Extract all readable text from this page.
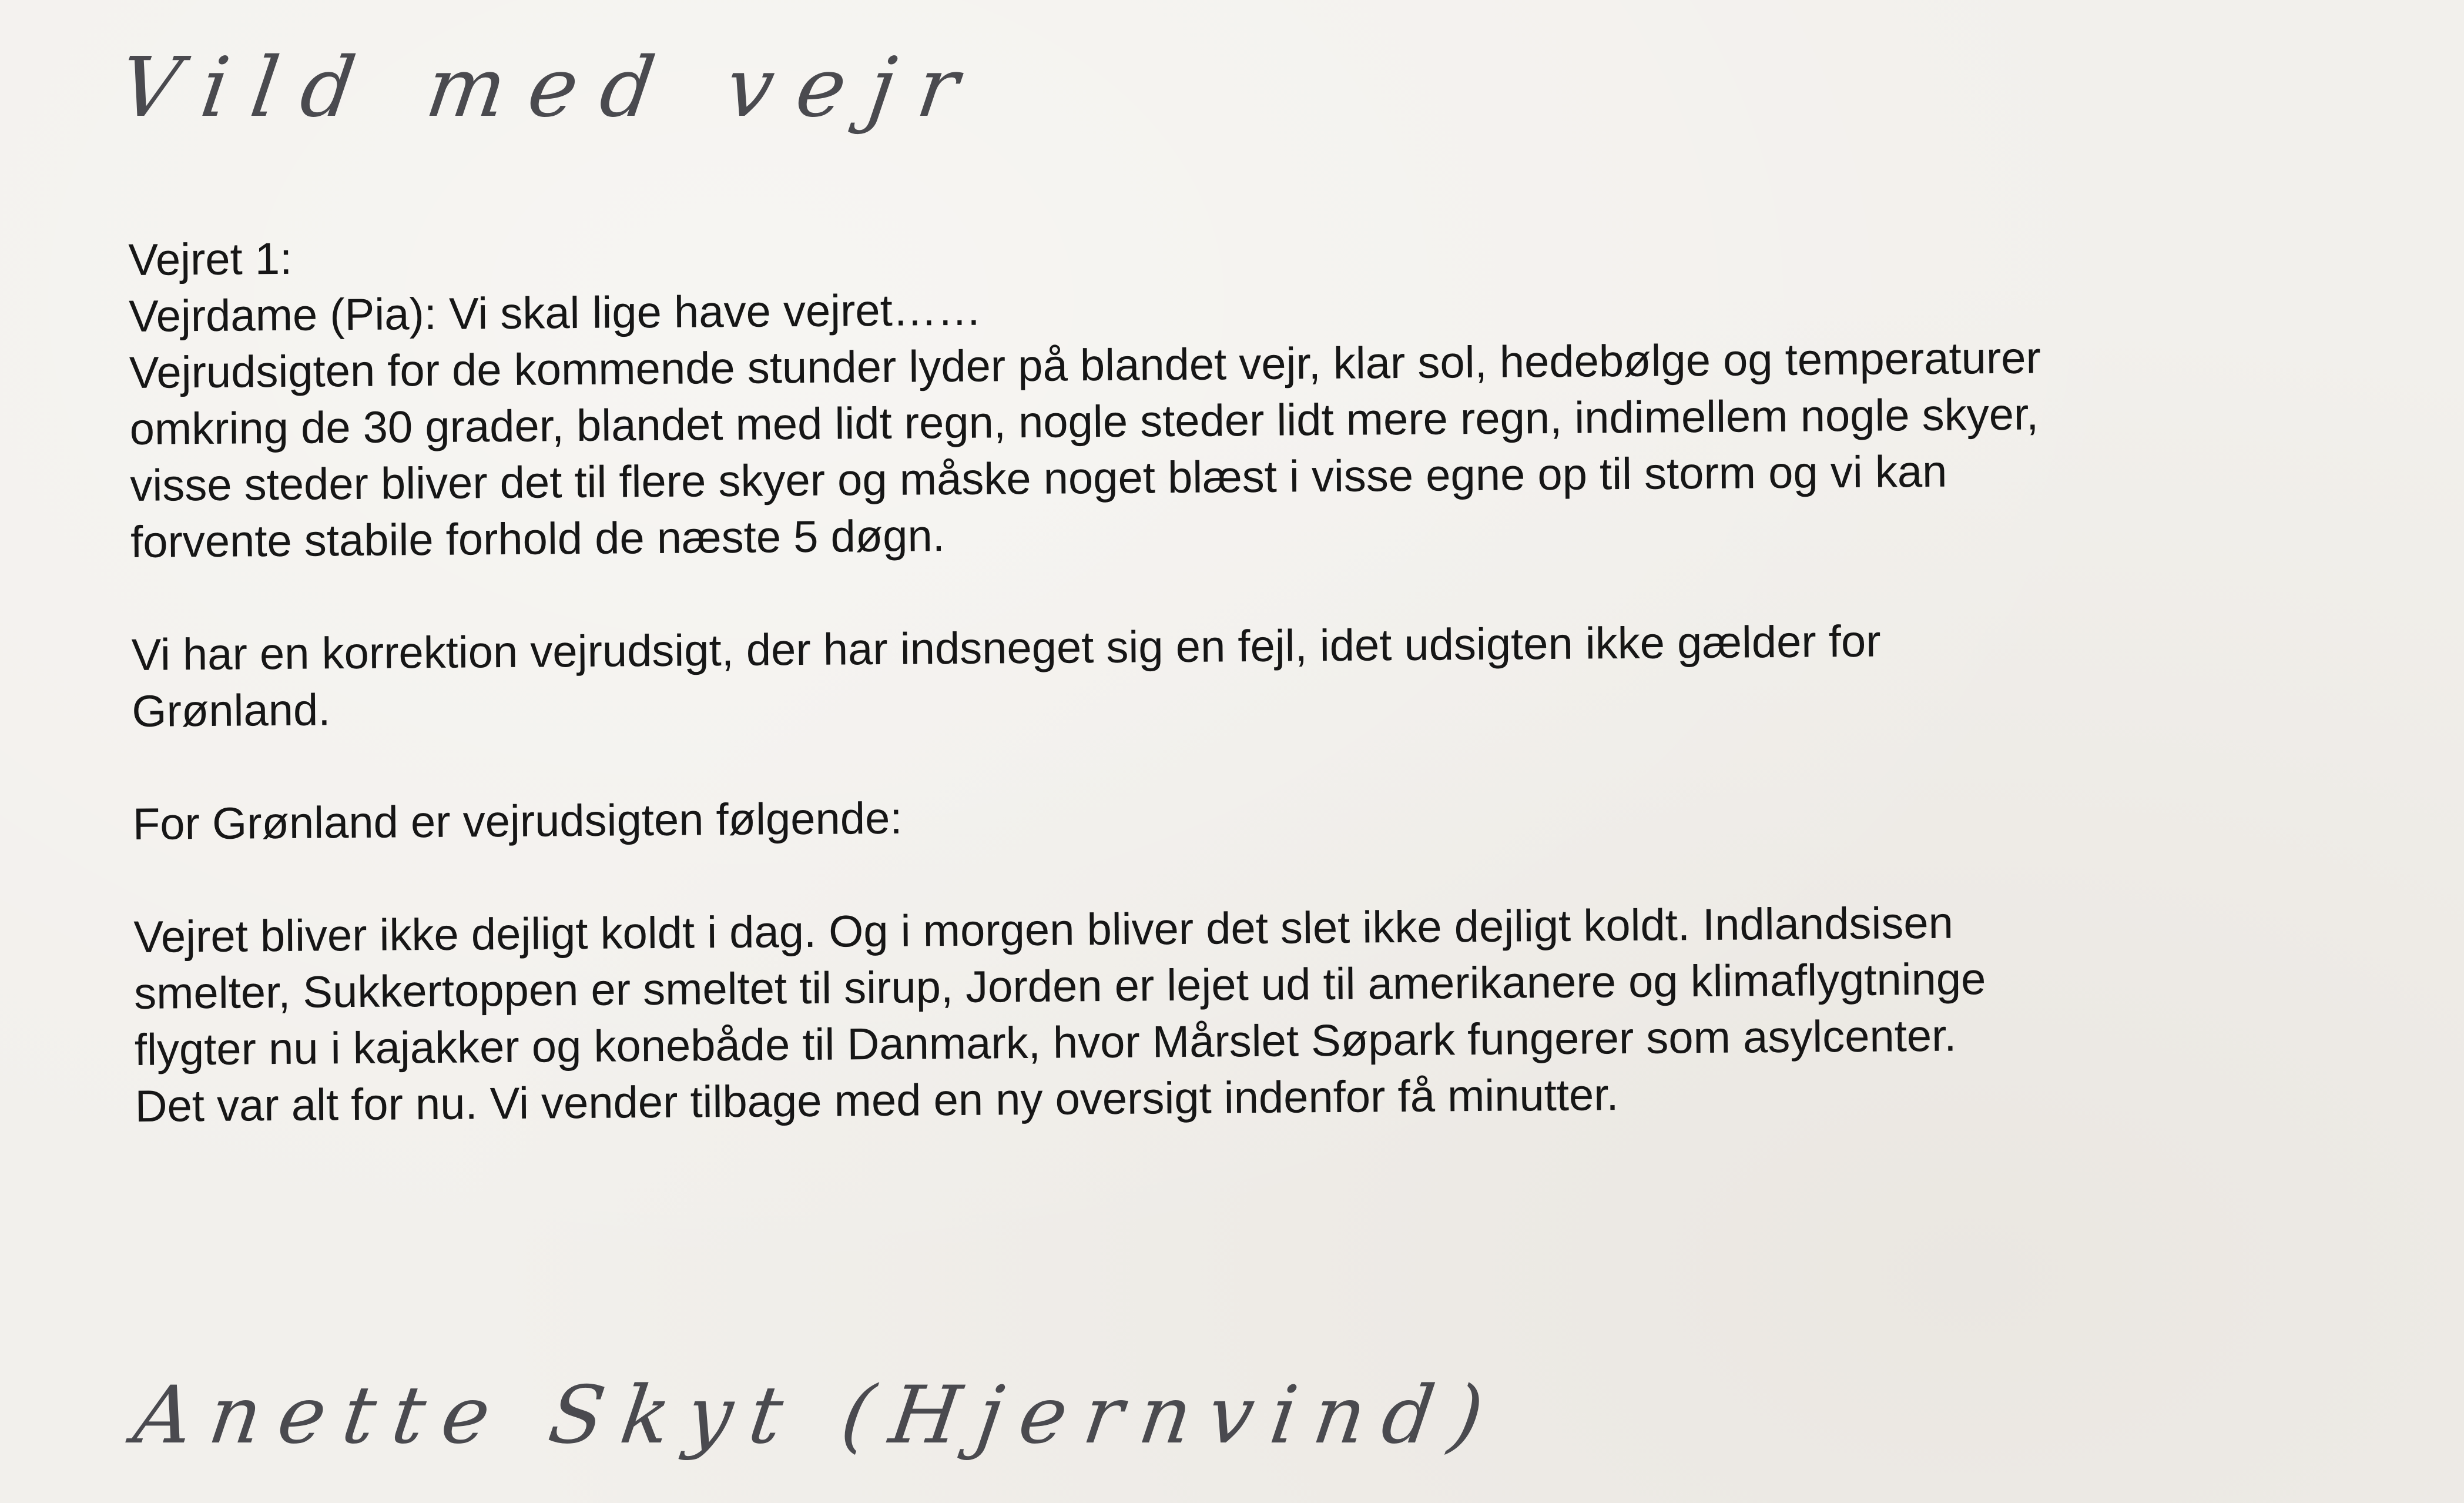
Vild med vejr

Vejret 1:

Vejrdame (Pia): Vi skal lige have vejret……

Vejrudsigten for de kommende stunder lyder på blandet vejr, klar sol, hedebølge og temperaturer
omkring de 30 grader, blandet med lidt regn, nogle steder lidt mere regn, indimellem nogle skyer,
visse steder bliver det til flere skyer og måske noget blæst i visse egne op til storm og vi kan
forvente stabile forhold de næste 5 døgn.

Vi har en korrektion vejrudsigt, der har indsneget sig en fejl, idet udsigten ikke gælder for
Grønland.

For Grønland er vejrudsigten følgende:

Vejret bliver ikke dejligt koldt i dag. Og i morgen bliver det slet ikke dejligt koldt. Indlandsisen
smelter, Sukkertoppen er smeltet til sirup, Jorden er lejet ud til amerikanere og klimaflygtninge
flygter nu i kajakker og konebåde til Danmark, hvor Mårslet Søpark fungerer som asylcenter.
Det var alt for nu. Vi vender tilbage med en ny oversigt indenfor få minutter.

Anette Skyt (Hjernvind)
